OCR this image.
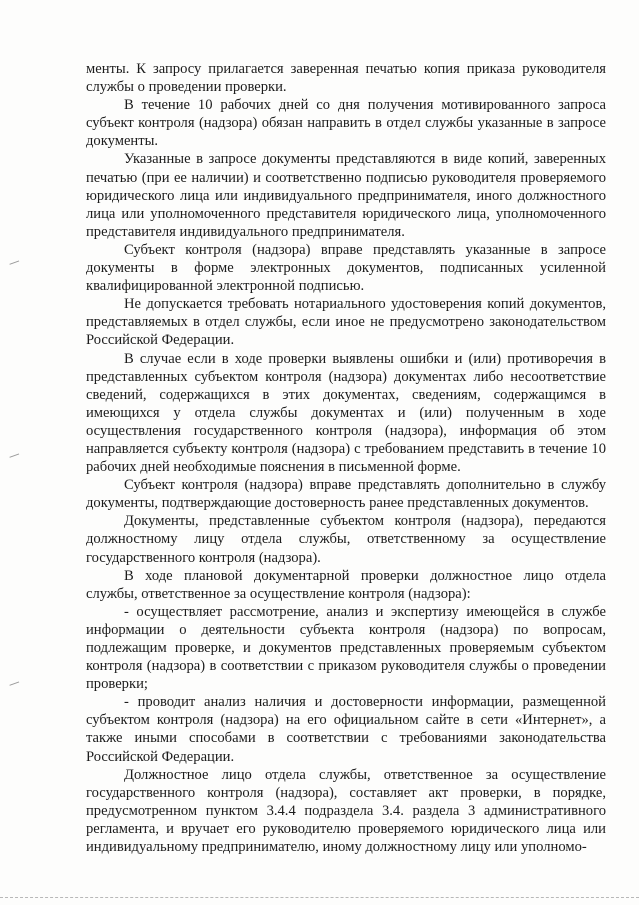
менты. К запросу прилагается заверенная печатью копия приказа руководителя службы о проведении проверки.

В течение 10 рабочих дней со дня получения мотивированного запроса субъект контроля (надзора) обязан направить в отдел службы указанные в запросе документы.

Указанные в запросе документы представляются в виде копий, заверенных печатью (при ее наличии) и соответственно подписью руководителя проверяемого юридического лица или индивидуального предпринимателя, иного должностного лица или уполномоченного представителя юридического лица, уполномоченного представителя индивидуального предпринимателя.

Субъект контроля (надзора) вправе представлять указанные в запросе документы в форме электронных документов, подписанных усиленной квалифицированной электронной подписью.

Не допускается требовать нотариального удостоверения копий документов, представляемых в отдел службы, если иное не предусмотрено законодательством Российской Федерации.

В случае если в ходе проверки выявлены ошибки и (или) противоречия в представленных субъектом контроля (надзора) документах либо несоответствие сведений, содержащихся в этих документах, сведениям, содержащимся в имеющихся у отдела службы документах и (или) полученным в ходе осуществления государственного контроля (надзора), информация об этом направляется субъекту контроля (надзора) с требованием представить в течение 10 рабочих дней необходимые пояснения в письменной форме.

Субъект контроля (надзора) вправе представлять дополнительно в службу документы, подтверждающие достоверность ранее представленных документов.

Документы, представленные субъектом контроля (надзора), передаются должностному лицу отдела службы, ответственному за осуществление государственного контроля (надзора).

В ходе плановой документарной проверки должностное лицо отдела службы, ответственное за осуществление контроля (надзора):

- осуществляет рассмотрение, анализ и экспертизу имеющейся в службе информации о деятельности субъекта контроля (надзора) по вопросам, подлежащим проверке, и документов представленных проверяемым субъектом контроля (надзора) в соответствии с приказом руководителя службы о проведении проверки;

- проводит анализ наличия и достоверности информации, размещенной субъектом контроля (надзора) на его официальном сайте в сети «Интернет», а также иными способами в соответствии с требованиями законодательства Российской Федерации.

Должностное лицо отдела службы, ответственное за осуществление государственного контроля (надзора), составляет акт проверки, в порядке, предусмотренном пунктом 3.4.4 подраздела 3.4. раздела 3 административного регламента, и вручает его руководителю проверяемого юридического лица или индивидуальному предпринимателю, иному должностному лицу или уполномо-
